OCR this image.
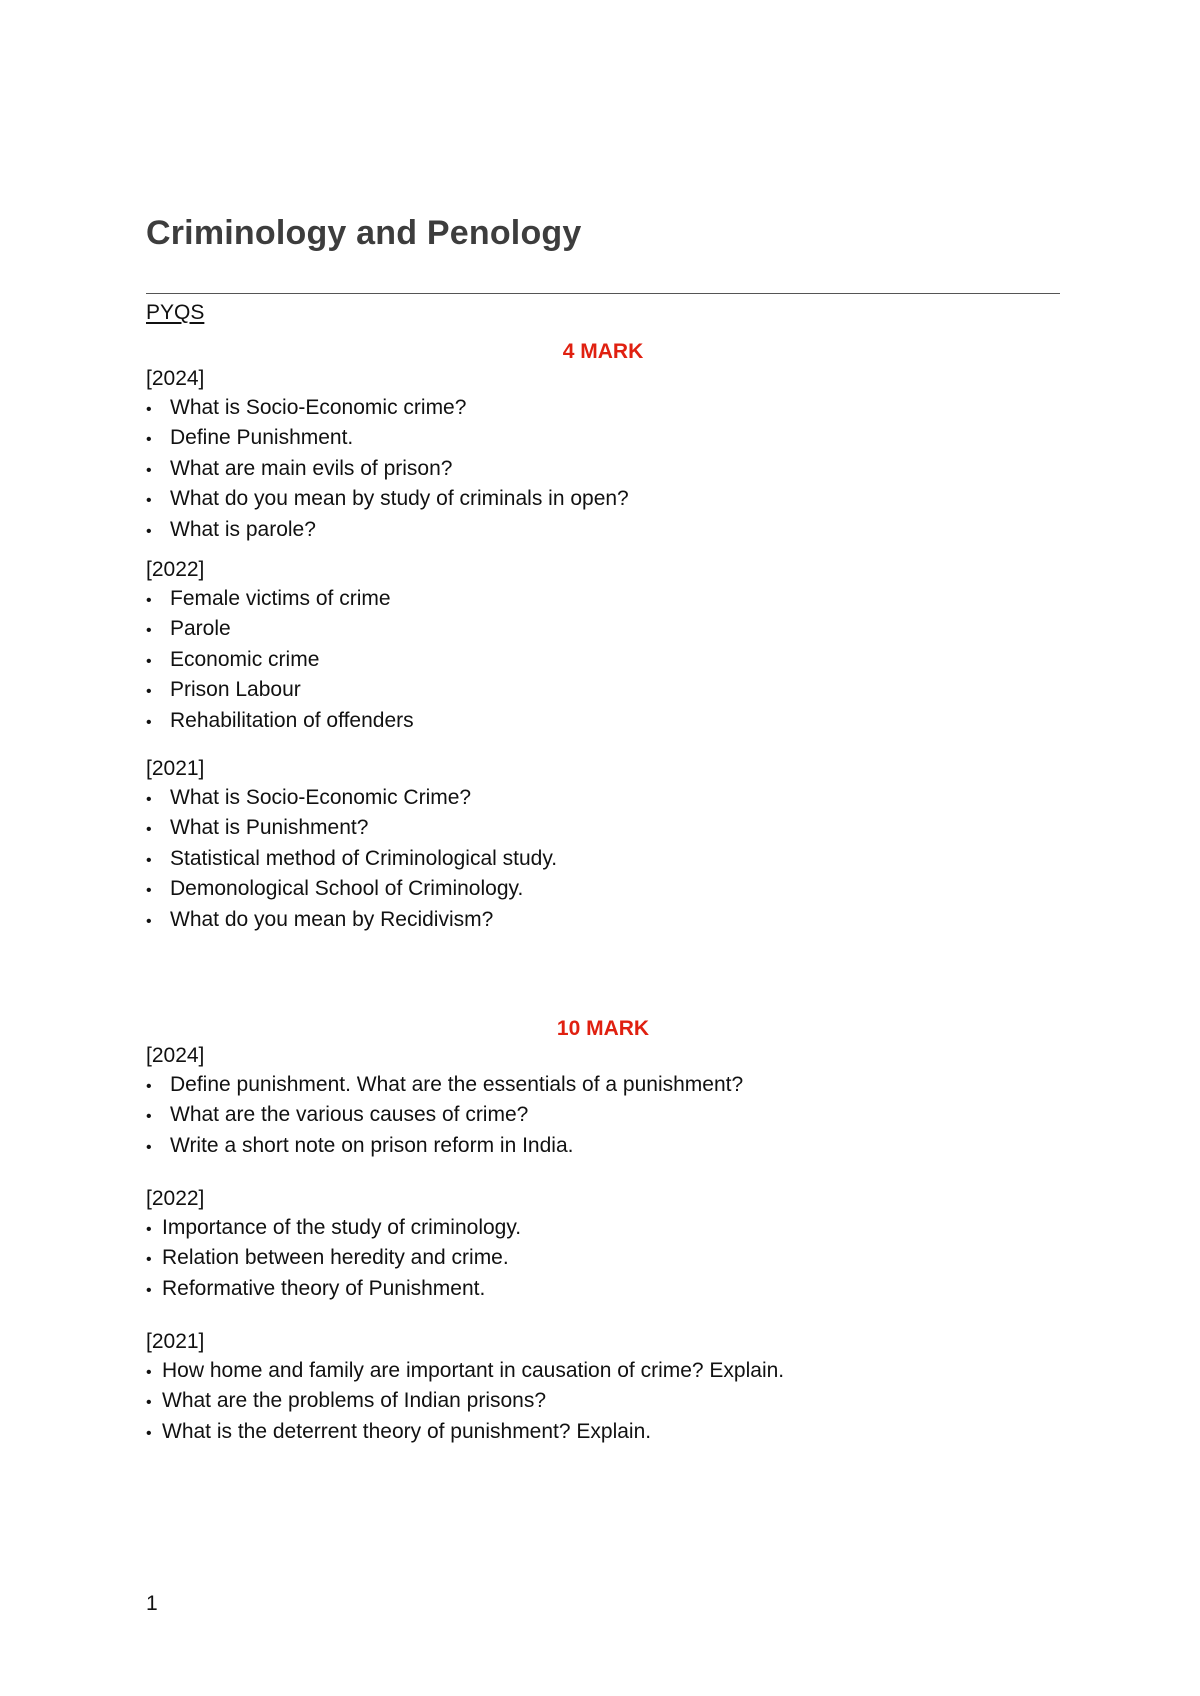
Criminology and Penology
PYQS
4 MARK
[2024]
• What is Socio-Economic crime?
• Define Punishment.
• What are main evils of prison?
• What do you mean by study of criminals in open?
• What is parole?
[2022]
• Female victims of crime
• Parole
• Economic crime
• Prison Labour
• Rehabilitation of offenders
[2021]
• What is Socio-Economic Crime?
• What is Punishment?
• Statistical method of Criminological study.
• Demonological School of Criminology.
• What do you mean by Recidivism?
10 MARK
[2024]
• Define punishment. What are the essentials of a punishment?
• What are the various causes of crime?
• Write a short note on prison reform in India.
[2022]
• Importance of the study of criminology.
• Relation between heredity and crime.
• Reformative theory of Punishment.
[2021]
• How home and family are important in causation of crime? Explain.
• What are the problems of Indian prisons?
• What is the deterrent theory of punishment? Explain.
1
